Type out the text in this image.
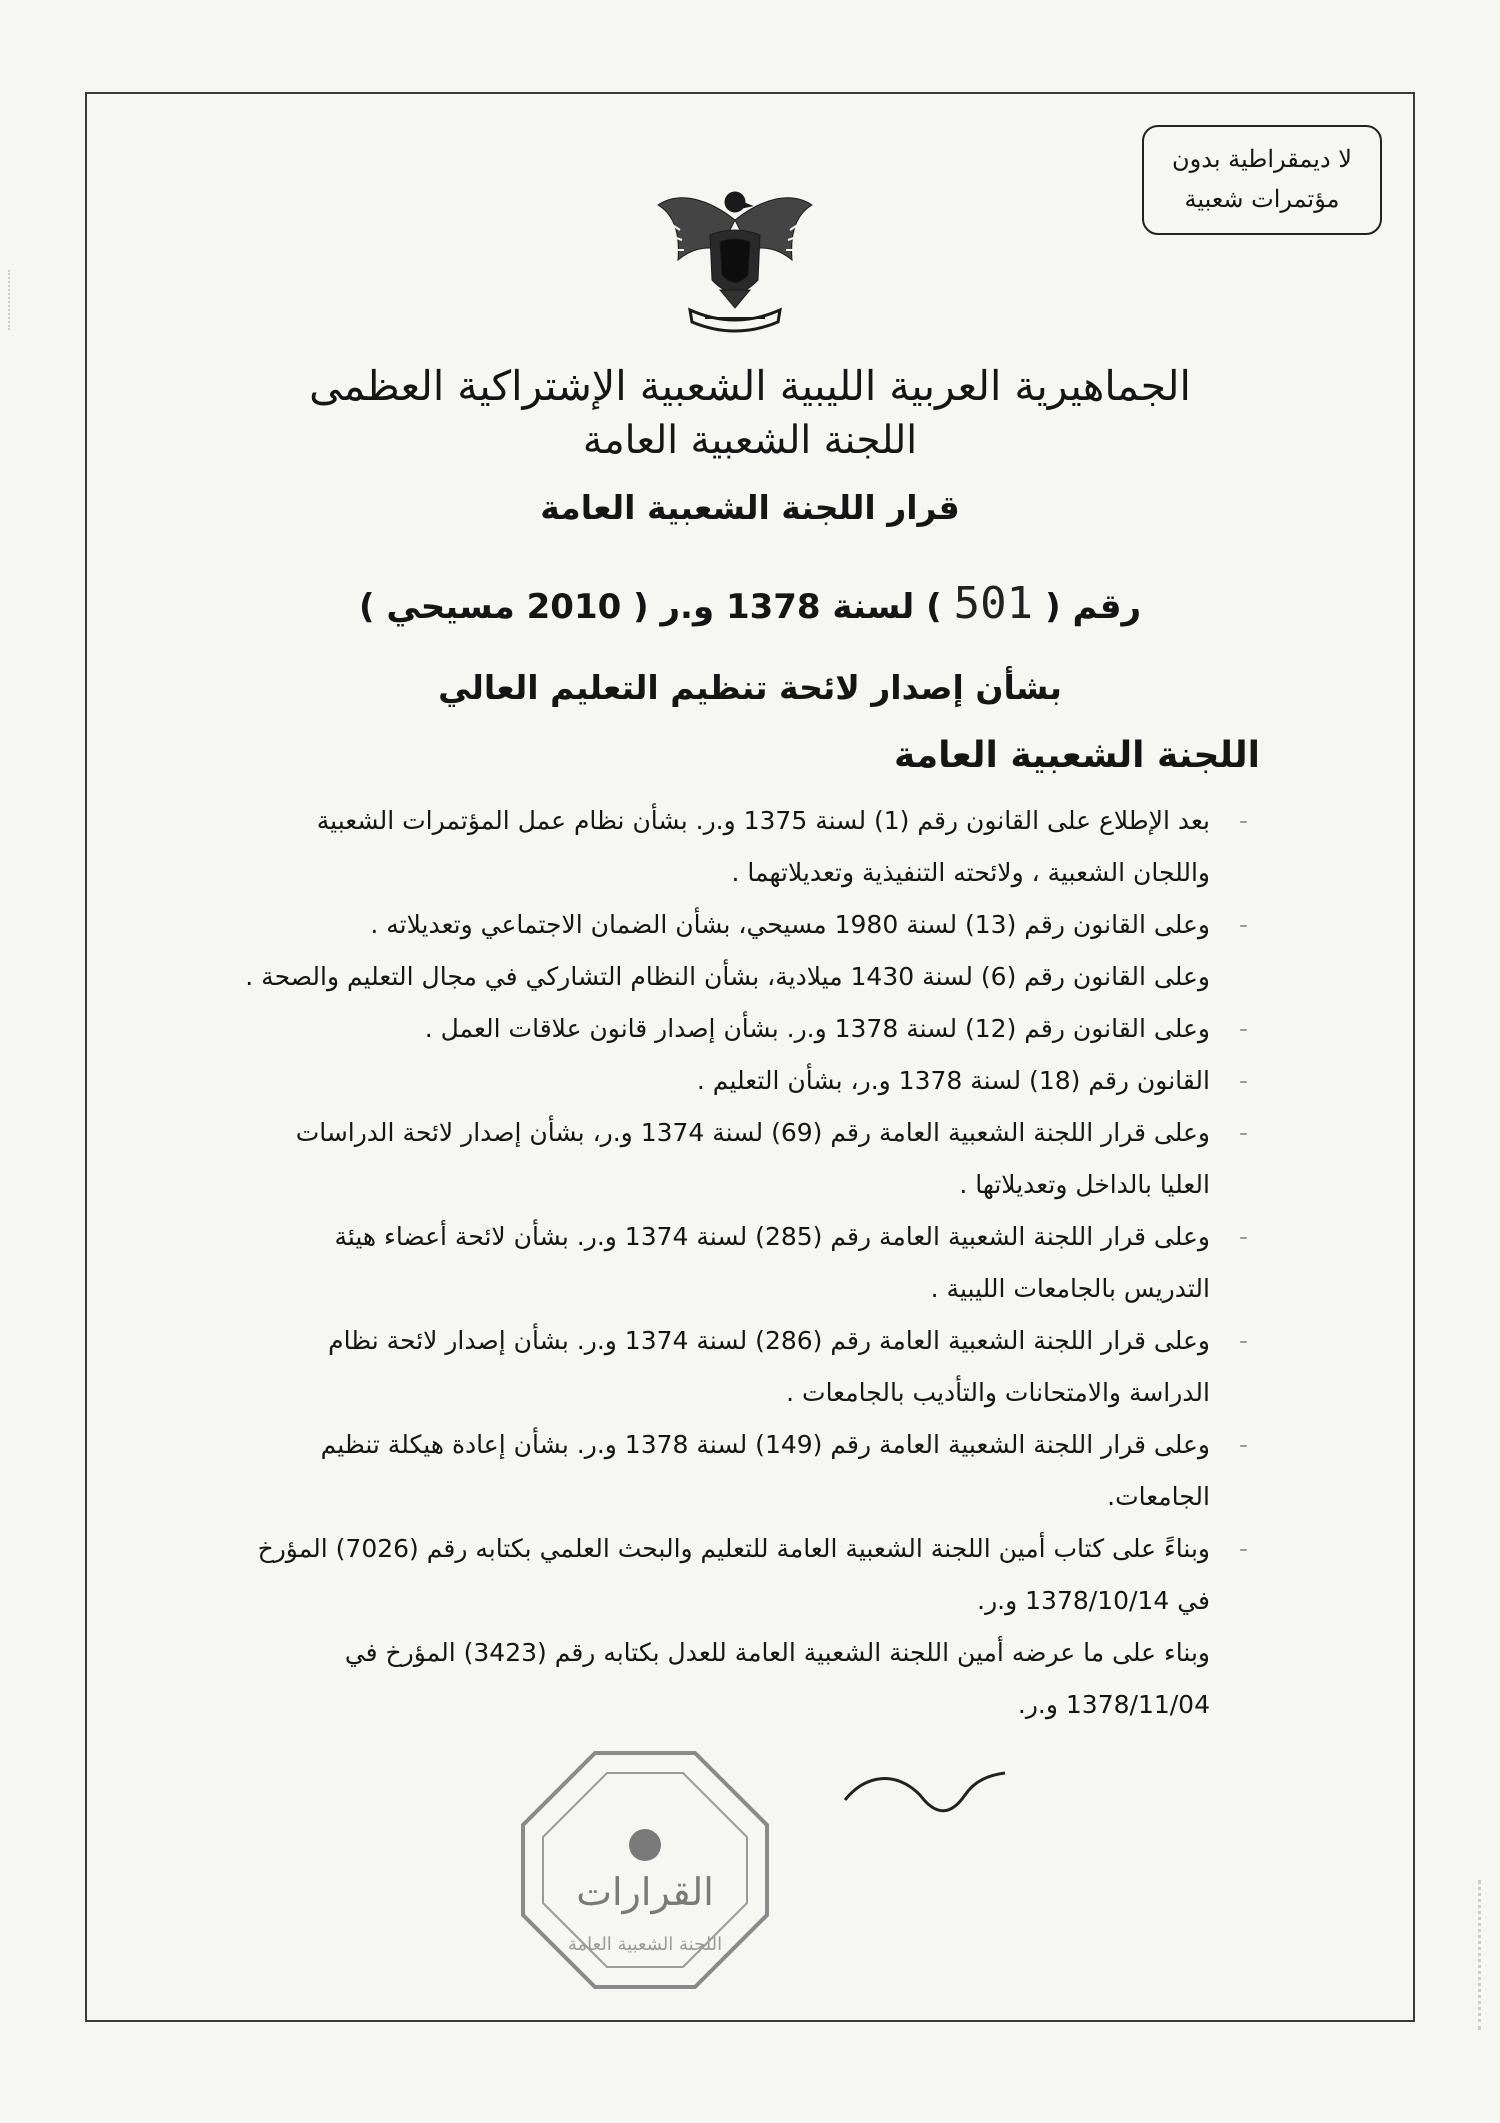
لا ديمقراطية بدون
مؤتمرات شعبية
الجماهيرية العربية الليبية الشعبية الإشتراكية العظمى
اللجنة الشعبية العامة
قرار اللجنة الشعبية العامة
رقم (501) لسنة 1378 و.ر ( 2010 مسيحي )
بشأن إصدار لائحة تنظيم التعليم العالي
اللجنة الشعبية العامة
-

بعد الإطلاع على القانون رقم (1) لسنة 1375 و.ر. بشأن نظام عمل المؤتمرات الشعبية

واللجان الشعبية ، ولائحته التنفيذية وتعديلاتهما .

-

وعلى القانون رقم (13) لسنة 1980 مسيحي، بشأن الضمان الاجتماعي وتعديلاته .

وعلى القانون رقم (6) لسنة 1430 ميلادية، بشأن النظام التشاركي في مجال التعليم والصحة .

-

وعلى القانون رقم (12) لسنة 1378 و.ر. بشأن إصدار قانون علاقات العمل .

-

القانون رقم (18) لسنة 1378 و.ر، بشأن التعليم .

-

وعلى قرار اللجنة الشعبية العامة رقم (69) لسنة 1374 و.ر، بشأن إصدار لائحة الدراسات

العليا بالداخل وتعديلاتها .

-

وعلى قرار اللجنة الشعبية العامة رقم (285) لسنة 1374 و.ر. بشأن لائحة أعضاء هيئة

التدريس بالجامعات الليبية .

-

وعلى قرار اللجنة الشعبية العامة رقم (286) لسنة 1374 و.ر. بشأن إصدار لائحة نظام

الدراسة والامتحانات والتأديب بالجامعات .

-

وعلى قرار اللجنة الشعبية العامة رقم (149) لسنة 1378 و.ر. بشأن إعادة هيكلة تنظيم

الجامعات.

-

وبناءً على كتاب أمين اللجنة الشعبية العامة للتعليم والبحث العلمي بكتابه رقم (7026) المؤرخ

في 1378/10/14 و.ر.

وبناء على ما عرضه أمين اللجنة الشعبية العامة للعدل بكتابه رقم (3423) المؤرخ في

1378/11/04 و.ر.

القرارات
اللجنة الشعبية العامة
